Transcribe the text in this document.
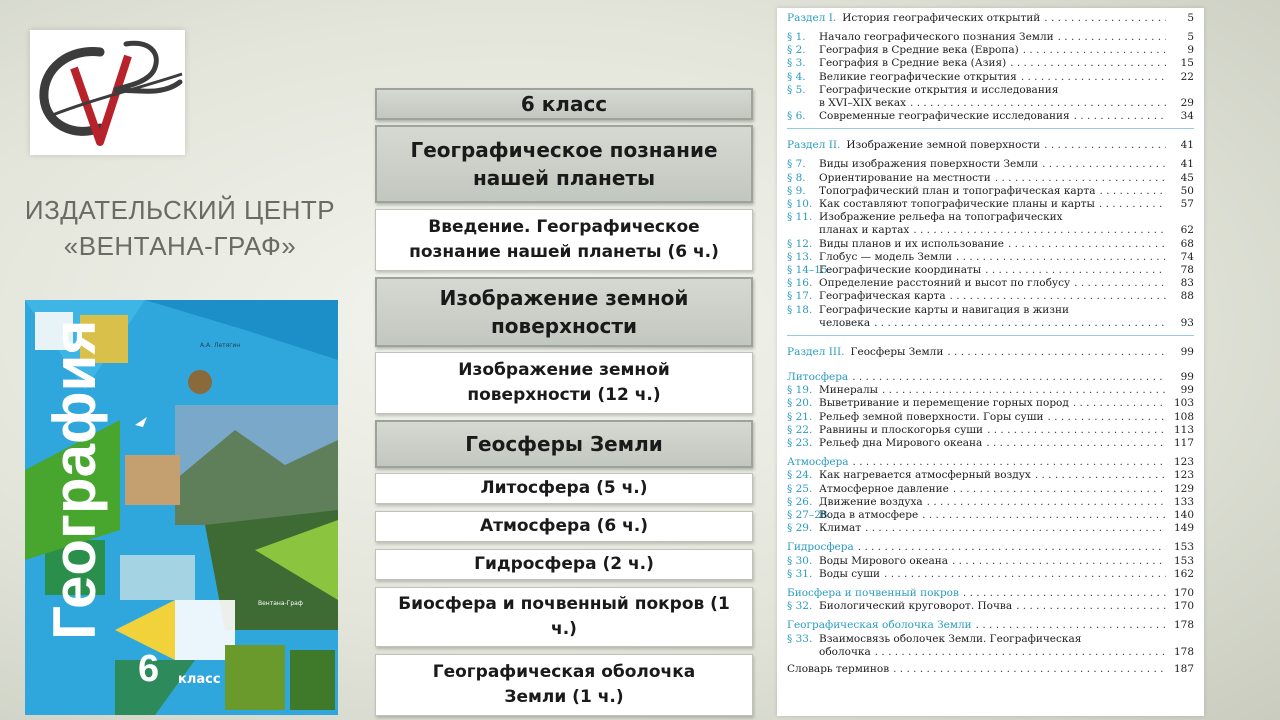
ИЗДАТЕЛЬСКИЙ ЦЕНТР
«ВЕНТАНА-ГРАФ»
География
6 класс
А.А. Летягин
Вентана-Граф
6 класс
Географическое познание нашей планеты
Введение. Географическое познание нашей планеты (6 ч.)
Изображение земной поверхности
Изображение земной поверхности (12 ч.)
Геосферы Земли
Литосфера (5 ч.)
Атмосфера (6 ч.)
Гидросфера (2 ч.)
Биосфера и почвенный покров (1 ч.)
Географическая оболочка Земли (1 ч.)
Раздел I. История географических открытий . . .	5
§ 1.	Начало географического познания Земли . . .	5
§ 2.	География в Средние века (Европа) . . .	9
§ 3.	География в Средние века (Азия) . . .	15
§ 4.	Великие географические открытия . . .	22
§ 5.	Географические открытия и исследования
в XVI–XIX веках . . .	29
§ 6.	Современные географические исследования . . .	34
Раздел II. Изображение земной поверхности . . .	41
§ 7.	Виды изображения поверхности Земли . . .	41
§ 8.	Ориентирование на местности . . .	45
§ 9.	Топографический план и топографическая карта . . .	50
§ 10. Как составляют топографические планы и карты . . .	57
§ 11. Изображение рельефа на топографических
планах и картах . . .	62
§ 12. Виды планов и их использование . . .	68
§ 13. Глобус — модель Земли . . .	74
§ 14–15.
Географические координаты . . .	78
§ 16. Определение расстояний и высот по глобусу . . .	83
§ 17. Географическая карта . . .	88
§ 18. Географические карты и навигация в жизни
человека . . .	93
Раздел III. Геосферы Земли . . .	99
Литосфера . . .	99
§ 19. Минералы . . .	99
§ 20. Выветривание и перемещение горных пород . . .	103
§ 21. Рельеф земной поверхности. Горы суши . . .	108
§ 22. Равнины и плоскогорья суши . . .	113
§ 23. Рельеф дна Мирового океана . . .	117
Атмосфера . . .	123
§ 24. Как нагревается атмосферный воздух . . .	123
§ 25. Атмосферное давление . . .	129
§ 26. Движение воздуха . . .	133
§ 27–28.
Вода в атмосфере . . .	140
§ 29. Климат . . .	149
Гидросфера . . .	153
§ 30. Воды Мирового океана . . .	153
§ 31. Воды суши . . .	162
Биосфера и почвенный покров . . .	170
§ 32. Биологический круговорот. Почва . . .	170
Географическая оболочка Земли . . .	178
§ 33. Взаимосвязь оболочек Земли. Географическая
оболочка . . .	178
Словарь терминов . . .	187
